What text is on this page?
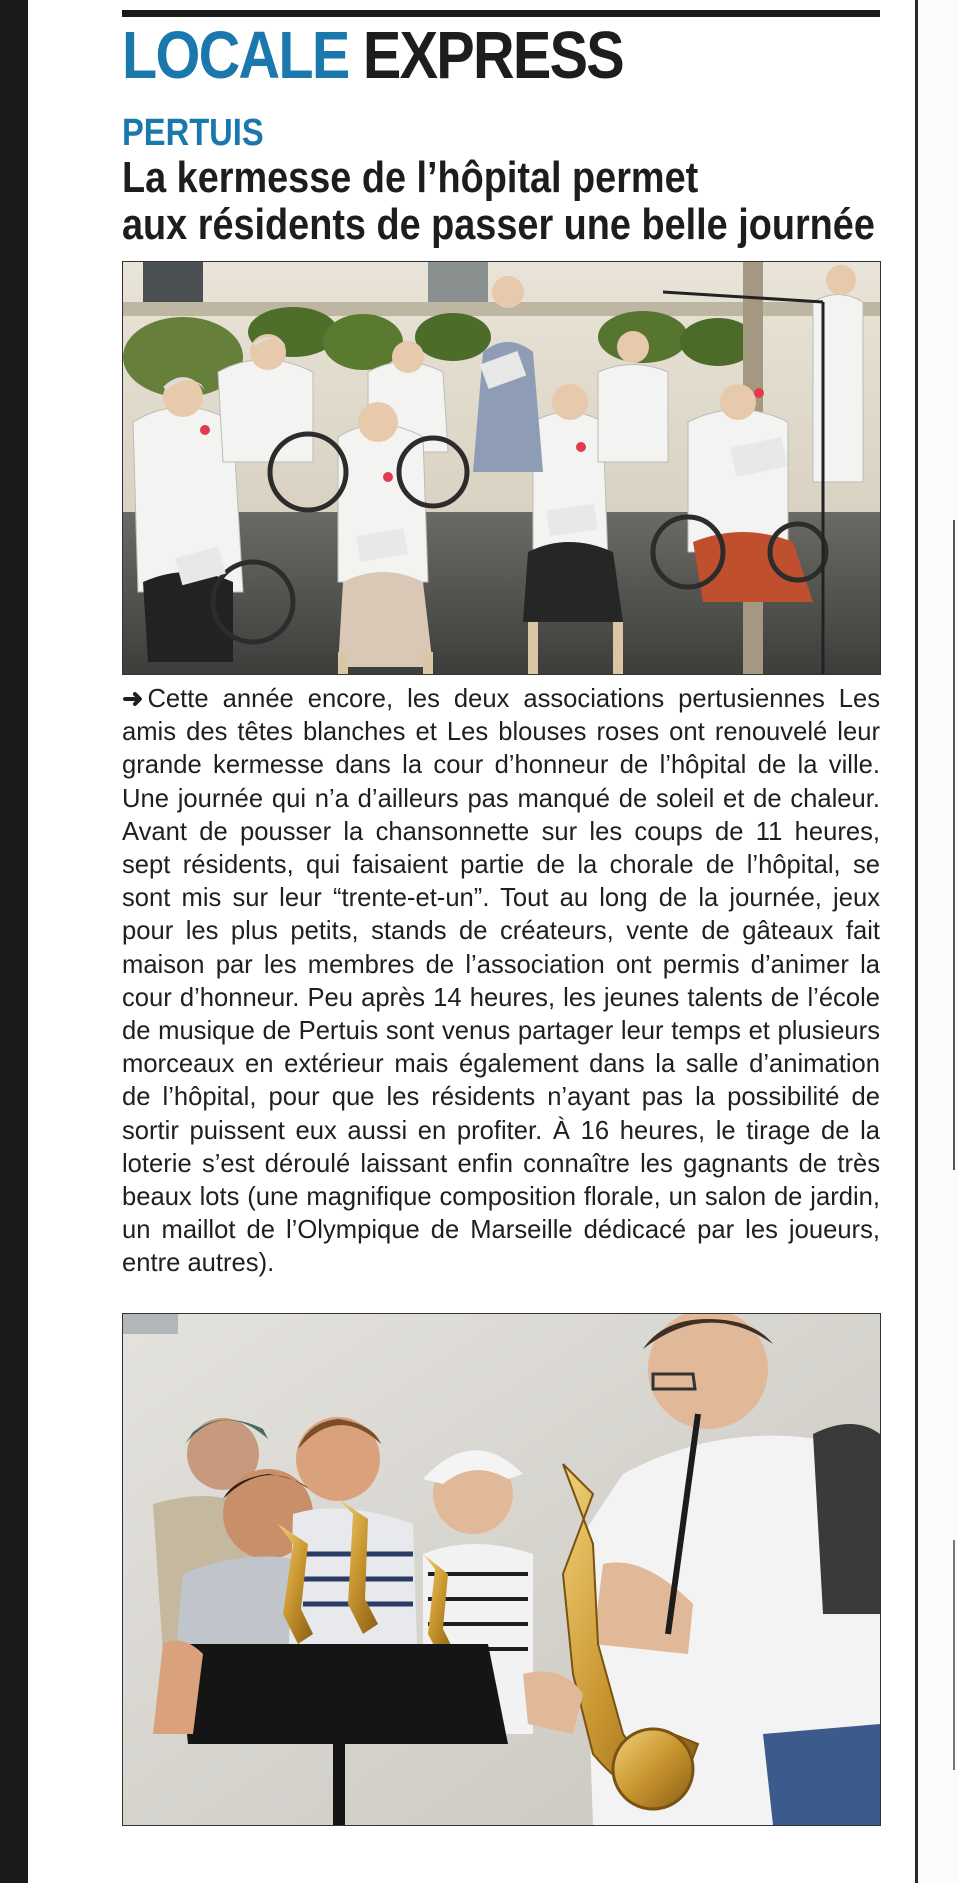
LOCALE EXPRESS
PERTUIS
La kermesse de l’hôpital permet
aux résidents de passer une belle journée
➜ Cette année encore, les deux associations pertusiennes Les amis des têtes blanches et Les blouses roses ont renouvelé leur grande kermesse dans la cour d’honneur de l’hôpital de la ville. Une journée qui n’a d’ailleurs pas manqué de soleil et de chaleur. Avant de pousser la chansonnette sur les coups de 11 heures, sept résidents, qui faisaient partie de la chorale de l’hôpital, se sont mis sur leur “trente-et-un”. Tout au long de la journée, jeux pour les plus petits, stands de créateurs, vente de gâteaux fait maison par les membres de l’association ont permis d’animer la cour d’honneur. Peu après 14 heures, les jeunes talents de l’école de musique de Pertuis sont venus partager leur temps et plusieurs morceaux en extérieur mais également dans la salle d’animation de l’hôpital, pour que les résidents n’ayant pas la possibilité de sortir puissent eux aussi en profiter. À 16 heures, le tirage de la loterie s’est déroulé laissant enfin connaître les gagnants de très beaux lots (une magnifique composition florale, un salon de jardin, un maillot de l’Olympique de Marseille dédicacé par les joueurs, entre autres).
